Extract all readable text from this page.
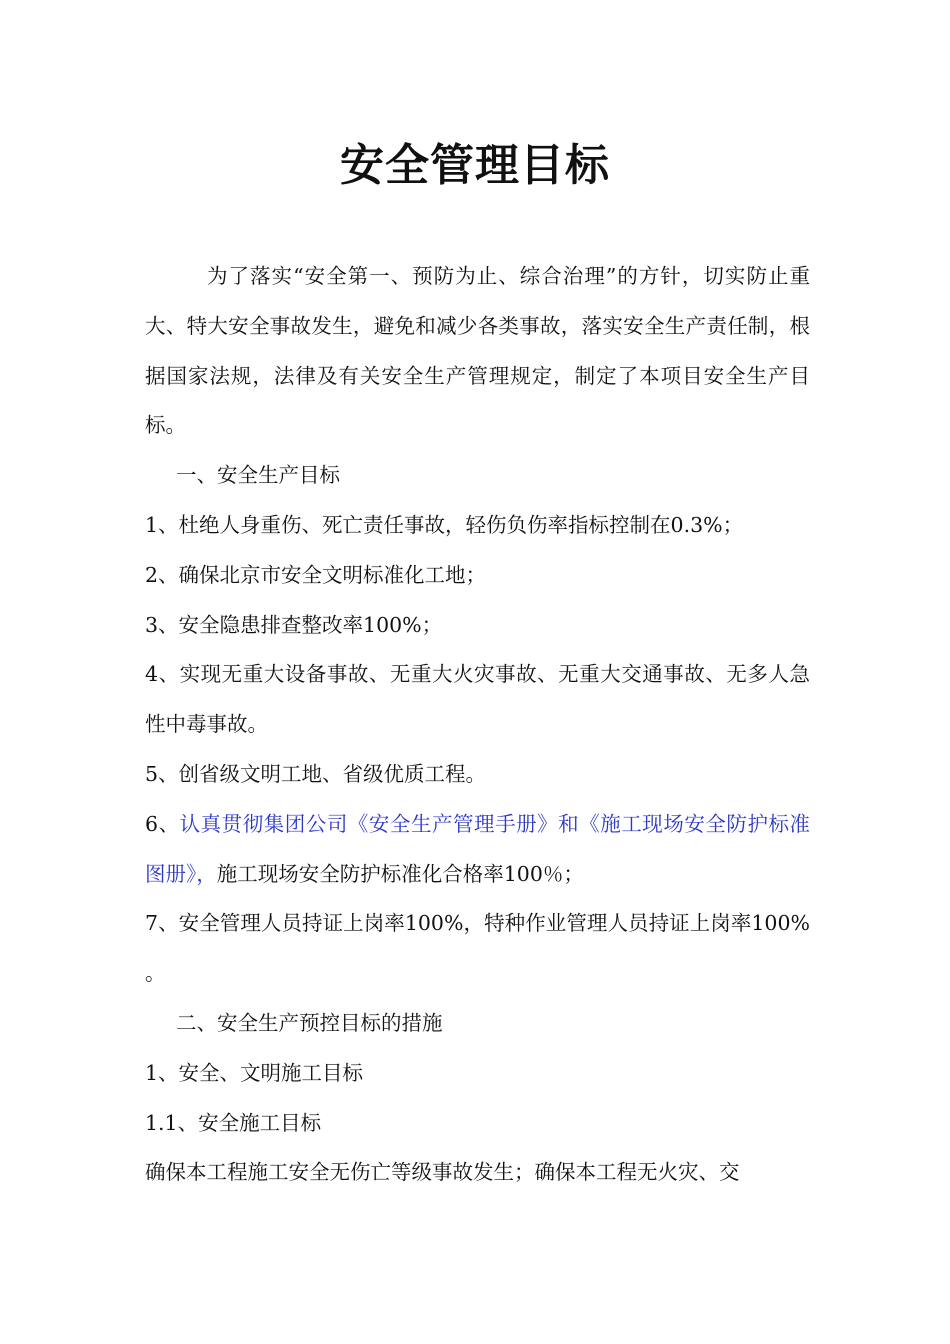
安全管理目标

为了落实“安全第一、预防为止、综合治理”的方针，切实防止重大、特大安全事故发生，避免和减少各类事故，落实安全生产责任制，根据国家法规，法律及有关安全生产管理规定，制定了本项目安全生产目标。

一、安全生产目标

1、杜绝人身重伤、死亡责任事故，轻伤负伤率指标控制在0.3%；

2、确保北京市安全文明标准化工地；

3、安全隐患排查整改率100%；

4、实现无重大设备事故、无重大火灾事故、无重大交通事故、无多人急性中毒事故。

5、创省级文明工地、省级优质工程。

6、认真贯彻集团公司《安全生产管理手册》和《施工现场安全防护标准图册》，施工现场安全防护标准化合格率100％；

7、安全管理人员持证上岗率100%，特种作业管理人员持证上岗率100% 。

二、安全生产预控目标的措施

1、安全、文明施工目标

1.1、安全施工目标

确保本工程施工安全无伤亡等级事故发生；确保本工程无火灾、交
